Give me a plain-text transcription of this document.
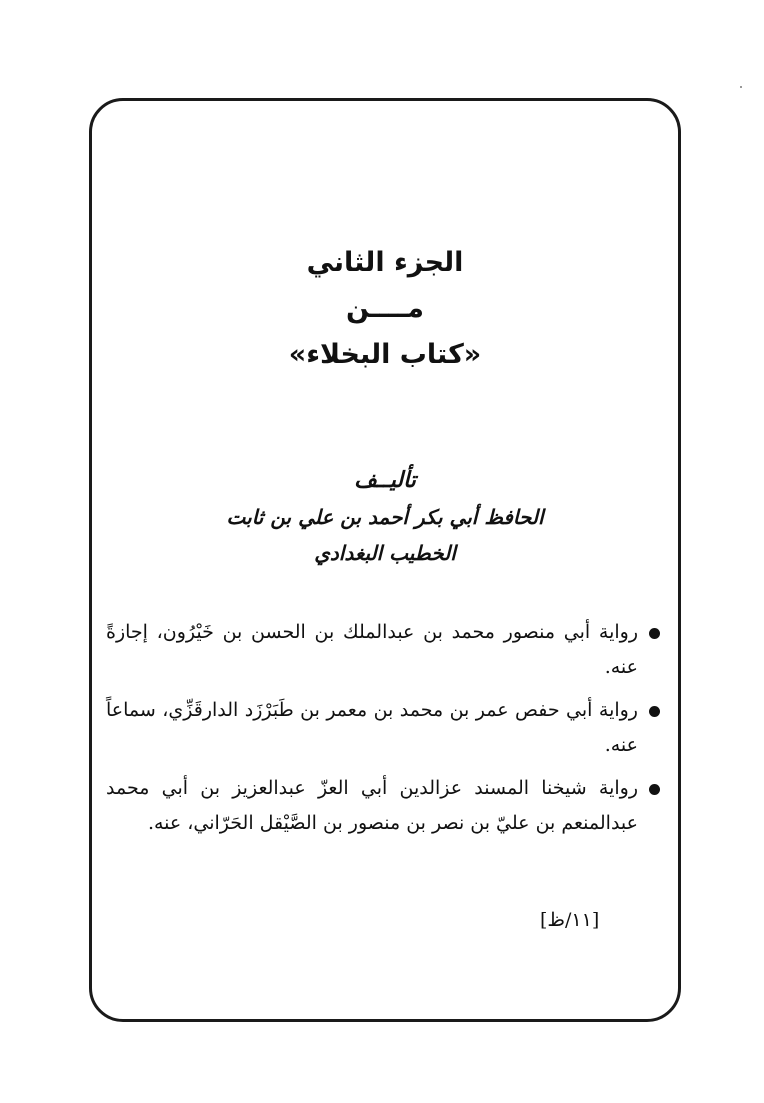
الجزء الثاني
مــــن
«كتاب البخلاء»
تأليــف
الحافظ أبي بكر أحمد بن علي بن ثابت
الخطيب البغدادي
رواية أبي منصور محمد بن عبدالملك بن الحسن بن خَيْرُون، إجازةً عنه.
رواية أبي حفص عمر بن محمد بن معمر بن طَبَرْزَد الدارقَزِّي، سماعاً عنه.
رواية شيخنا المسند عزالدين أبي العزّ عبدالعزيز بن أبي محمد عبدالمنعم بن عليّ بن نصر بن منصور بن الصَّيْقل الحَرّاني، عنه.
[١١/ظ]
